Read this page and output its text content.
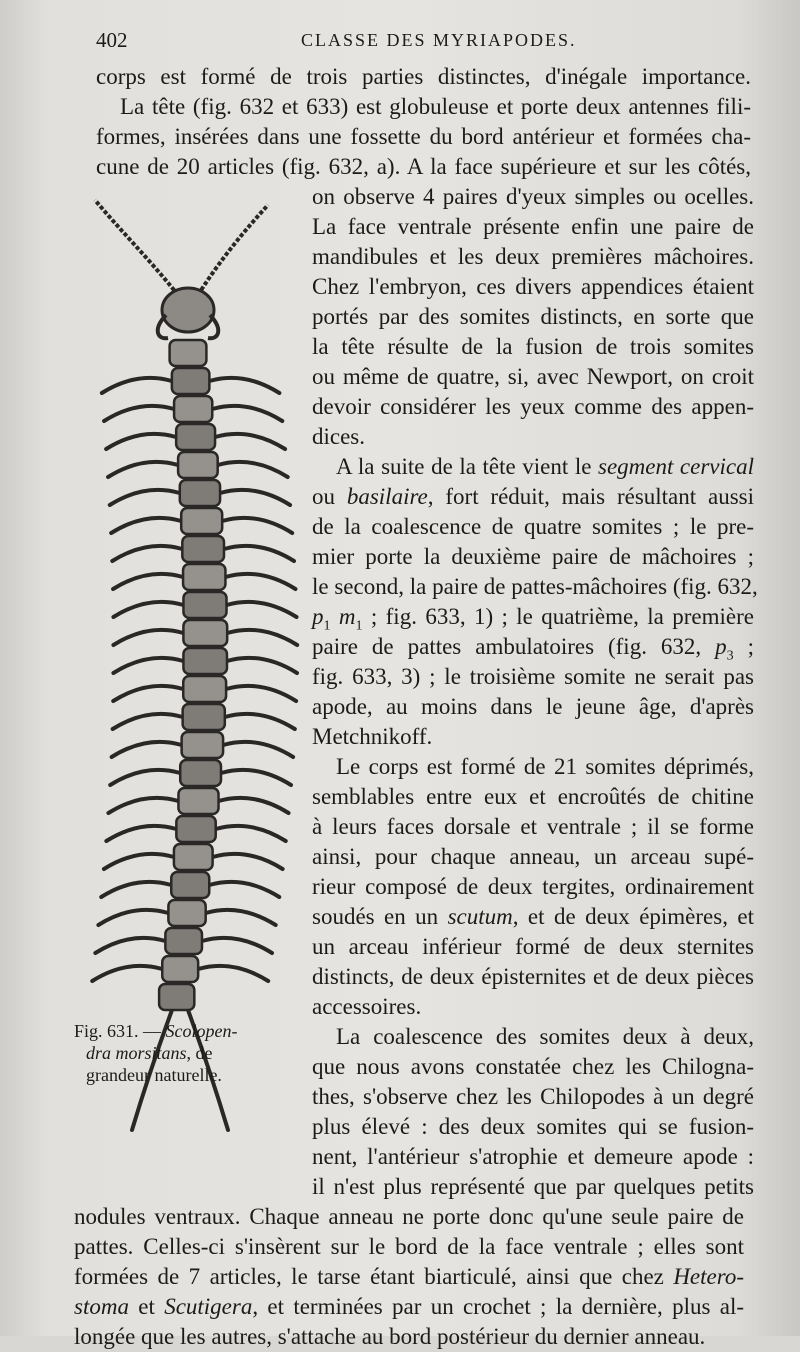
402	CLASSE DES MYRIAPODES.
corps est formé de trois parties distinctes, d'inégale importance.
La tête (fig. 632 et 633) est globuleuse et porte deux antennes fili-
formes, insérées dans une fossette du bord antérieur et formées cha-
cune de 20 articles (fig. 632, a). A la face supérieure et sur les côtés,
on observe 4 paires d'yeux simples ou ocelles.
La face ventrale présente enfin une paire de
mandibules et les deux premières mâchoires.
Chez l'embryon, ces divers appendices étaient
portés par des somites distincts, en sorte que
la tête résulte de la fusion de trois somites
ou même de quatre, si, avec Newport, on croit
devoir considérer les yeux comme des appen-
dices.
A la suite de la tête vient le segment cervical
ou basilaire, fort réduit, mais résultant aussi
de la coalescence de quatre somites ; le pre-
mier porte la deuxième paire de mâchoires ;
le second, la paire de pattes-mâchoires (fig. 632,
$p_1$ $m_1$ ; fig. 633, 1) ; le quatrième, la première
paire de pattes ambulatoires (fig. 632, $p_3$ ;
fig. 633, 3) ; le troisième somite ne serait pas
apode, au moins dans le jeune âge, d'après
Metchnikoff.
Le corps est formé de 21 somites déprimés,
semblables entre eux et encroûtés de chitine
à leurs faces dorsale et ventrale ; il se forme
ainsi, pour chaque anneau, un arceau supé-
rieur composé de deux tergites, ordinairement
soudés en un scutum, et de deux épimères, et
un arceau inférieur formé de deux sternites
distincts, de deux épisternites et de deux pièces
accessoires.
La coalescence des somites deux à deux,
que nous avons constatée chez les Chilogna-
thes, s'observe chez les Chilopodes à un degré
plus élevé : des deux somites qui se fusion-
nent, l'antérieur s'atrophie et demeure apode :
il n'est plus représenté que par quelques petits
nodules ventraux. Chaque anneau ne porte donc qu'une seule paire de
pattes. Celles-ci s'insèrent sur le bord de la face ventrale ; elles sont
formées de 7 articles, le tarse étant biarticulé, ainsi que chez Hetero-
stoma et Scutigera, et terminées par un crochet ; la dernière, plus al-
longée que les autres, s'attache au bord postérieur du dernier anneau.
Fig. 631. — Scolopen-
dra morsitans, de
grandeur naturelle.
